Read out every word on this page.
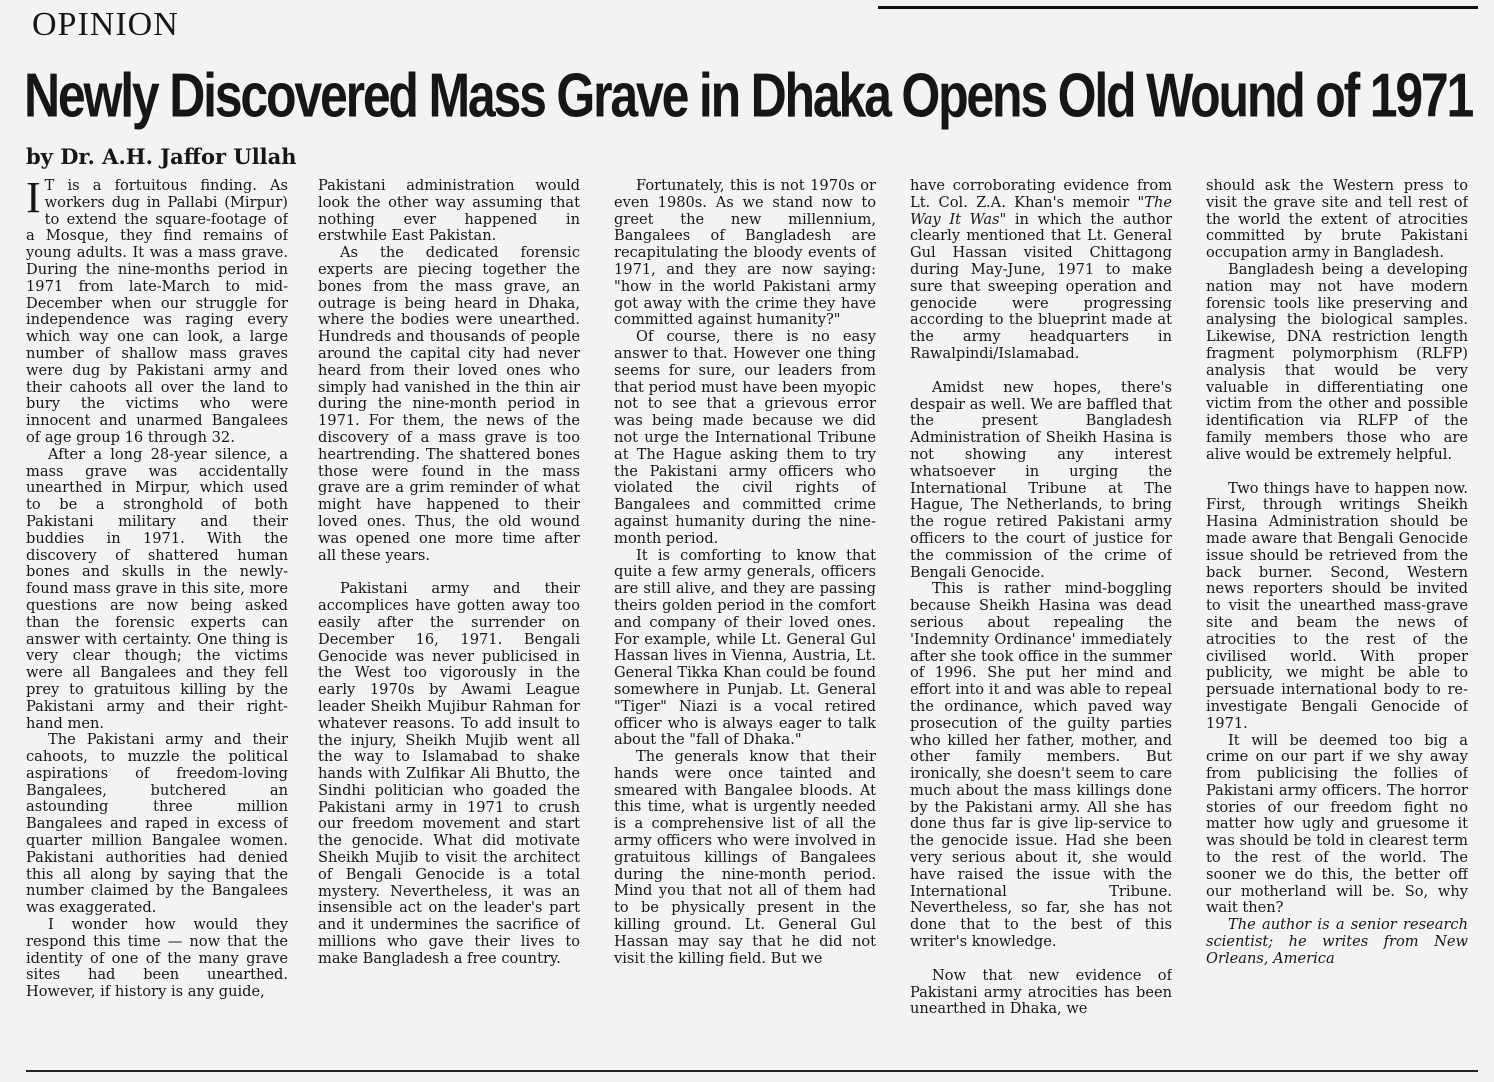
OPINION
Newly Discovered Mass Grave in Dhaka Opens Old Wound of 1971
by Dr. A.H. Jaffor Ullah

I T is a fortuitous finding. As workers dug in Pallabi (Mirpur) to extend the square-footage of a Mosque, they find remains of young adults. It was a mass grave. During the nine-months period in 1971 from late-March to mid-December when our struggle for independence was raging every which way one can look, a large number of shallow mass graves were dug by Pakistani army and their cahoots all over the land to bury the victims who were innocent and unarmed Bangalees of age group 16 through 32.

After a long 28-year silence, a mass grave was accidentally unearthed in Mirpur, which used to be a stronghold of both Pakistani military and their buddies in 1971. With the discovery of shattered human bones and skulls in the newly-found mass grave in this site, more questions are now being asked than the forensic experts can answer with certainty. One thing is very clear though; the victims were all Bangalees and they fell prey to gratuitous killing by the Pakistani army and their right-hand men.

The Pakistani army and their cahoots, to muzzle the political aspirations of freedom-loving Bangalees, butchered an astounding three million Bangalees and raped in excess of quarter million Bangalee women. Pakistani authorities had denied this all along by saying that the number claimed by the Bangalees was exaggerated.

I wonder how would they respond this time — now that the identity of one of the many grave sites had been unearthed. However, if history is any guide,

Pakistani administration would look the other way assuming that nothing ever happened in erstwhile East Pakistan.

As the dedicated forensic experts are piecing together the bones from the mass grave, an outrage is being heard in Dhaka, where the bodies were unearthed. Hundreds and thousands of people around the capital city had never heard from their loved ones who simply had vanished in the thin air during the nine-month period in 1971. For them, the news of the discovery of a mass grave is too heartrending. The shattered bones those were found in the mass grave are a grim reminder of what might have happened to their loved ones. Thus, the old wound was opened one more time after all these years.

Pakistani army and their accomplices have gotten away too easily after the surrender on December 16, 1971. Bengali Genocide was never publicised in the West too vigorously in the early 1970s by Awami League leader Sheikh Mujibur Rahman for whatever reasons. To add insult to the injury, Sheikh Mujib went all the way to Islamabad to shake hands with Zulfikar Ali Bhutto, the Sindhi politician who goaded the Pakistani army in 1971 to crush our freedom movement and start the genocide. What did motivate Sheikh Mujib to visit the architect of Bengali Genocide is a total mystery. Nevertheless, it was an insensible act on the leader's part and it undermines the sacrifice of millions who gave their lives to make Bangladesh a free country.

Fortunately, this is not 1970s or even 1980s. As we stand now to greet the new millennium, Bangalees of Bangladesh are recapitulating the bloody events of 1971, and they are now saying: "how in the world Pakistani army got away with the crime they have committed against humanity?"

Of course, there is no easy answer to that. However one thing seems for sure, our leaders from that period must have been myopic not to see that a grievous error was being made because we did not urge the International Tribune at The Hague asking them to try the Pakistani army officers who violated the civil rights of Bangalees and committed crime against humanity during the nine-month period.

It is comforting to know that quite a few army generals, officers are still alive, and they are passing theirs golden period in the comfort and company of their loved ones. For example, while Lt. General Gul Hassan lives in Vienna, Austria, Lt. General Tikka Khan could be found somewhere in Punjab. Lt. General "Tiger" Niazi is a vocal retired officer who is always eager to talk about the "fall of Dhaka."

The generals know that their hands were once tainted and smeared with Bangalee bloods. At this time, what is urgently needed is a comprehensive list of all the army officers who were involved in gratuitous killings of Bangalees during the nine-month period. Mind you that not all of them had to be physically present in the killing ground. Lt. General Gul Hassan may say that he did not visit the killing field. But we

have corroborating evidence from Lt. Col. Z.A. Khan's memoir "The Way It Was" in which the author clearly mentioned that Lt. General Gul Hassan visited Chittagong during May-June, 1971 to make sure that sweeping operation and genocide were progressing according to the blueprint made at the army headquarters in Rawalpindi/Islamabad.

Amidst new hopes, there's despair as well. We are baffled that the present Bangladesh Administration of Sheikh Hasina is not showing any interest whatsoever in urging the International Tribune at The Hague, The Netherlands, to bring the rogue retired Pakistani army officers to the court of justice for the commission of the crime of Bengali Genocide.

This is rather mind-boggling because Sheikh Hasina was dead serious about repealing the 'Indemnity Ordinance' immediately after she took office in the summer of 1996. She put her mind and effort into it and was able to repeal the ordinance, which paved way prosecution of the guilty parties who killed her father, mother, and other family members. But ironically, she doesn't seem to care much about the mass killings done by the Pakistani army. All she has done thus far is give lip-service to the genocide issue. Had she been very serious about it, she would have raised the issue with the International Tribune. Nevertheless, so far, she has not done that to the best of this writer's knowledge.

Now that new evidence of Pakistani army atrocities has been unearthed in Dhaka, we

should ask the Western press to visit the grave site and tell rest of the world the extent of atrocities committed by brute Pakistani occupation army in Bangladesh.

Bangladesh being a developing nation may not have modern forensic tools like preserving and analysing the biological samples. Likewise, DNA restriction length fragment polymorphism (RLFP) analysis that would be very valuable in differentiating one victim from the other and possible identification via RLFP of the family members those who are alive would be extremely helpful.

Two things have to happen now. First, through writings Sheikh Hasina Administration should be made aware that Bengali Genocide issue should be retrieved from the back burner. Second, Western news reporters should be invited to visit the unearthed mass-grave site and beam the news of atrocities to the rest of the civilised world. With proper publicity, we might be able to persuade international body to re-investigate Bengali Genocide of 1971.

It will be deemed too big a crime on our part if we shy away from publicising the follies of Pakistani army officers. The horror stories of our freedom fight no matter how ugly and gruesome it was should be told in clearest term to the rest of the world. The sooner we do this, the better off our motherland will be. So, why wait then?

The author is a senior research scientist; he writes from New Orleans, America
